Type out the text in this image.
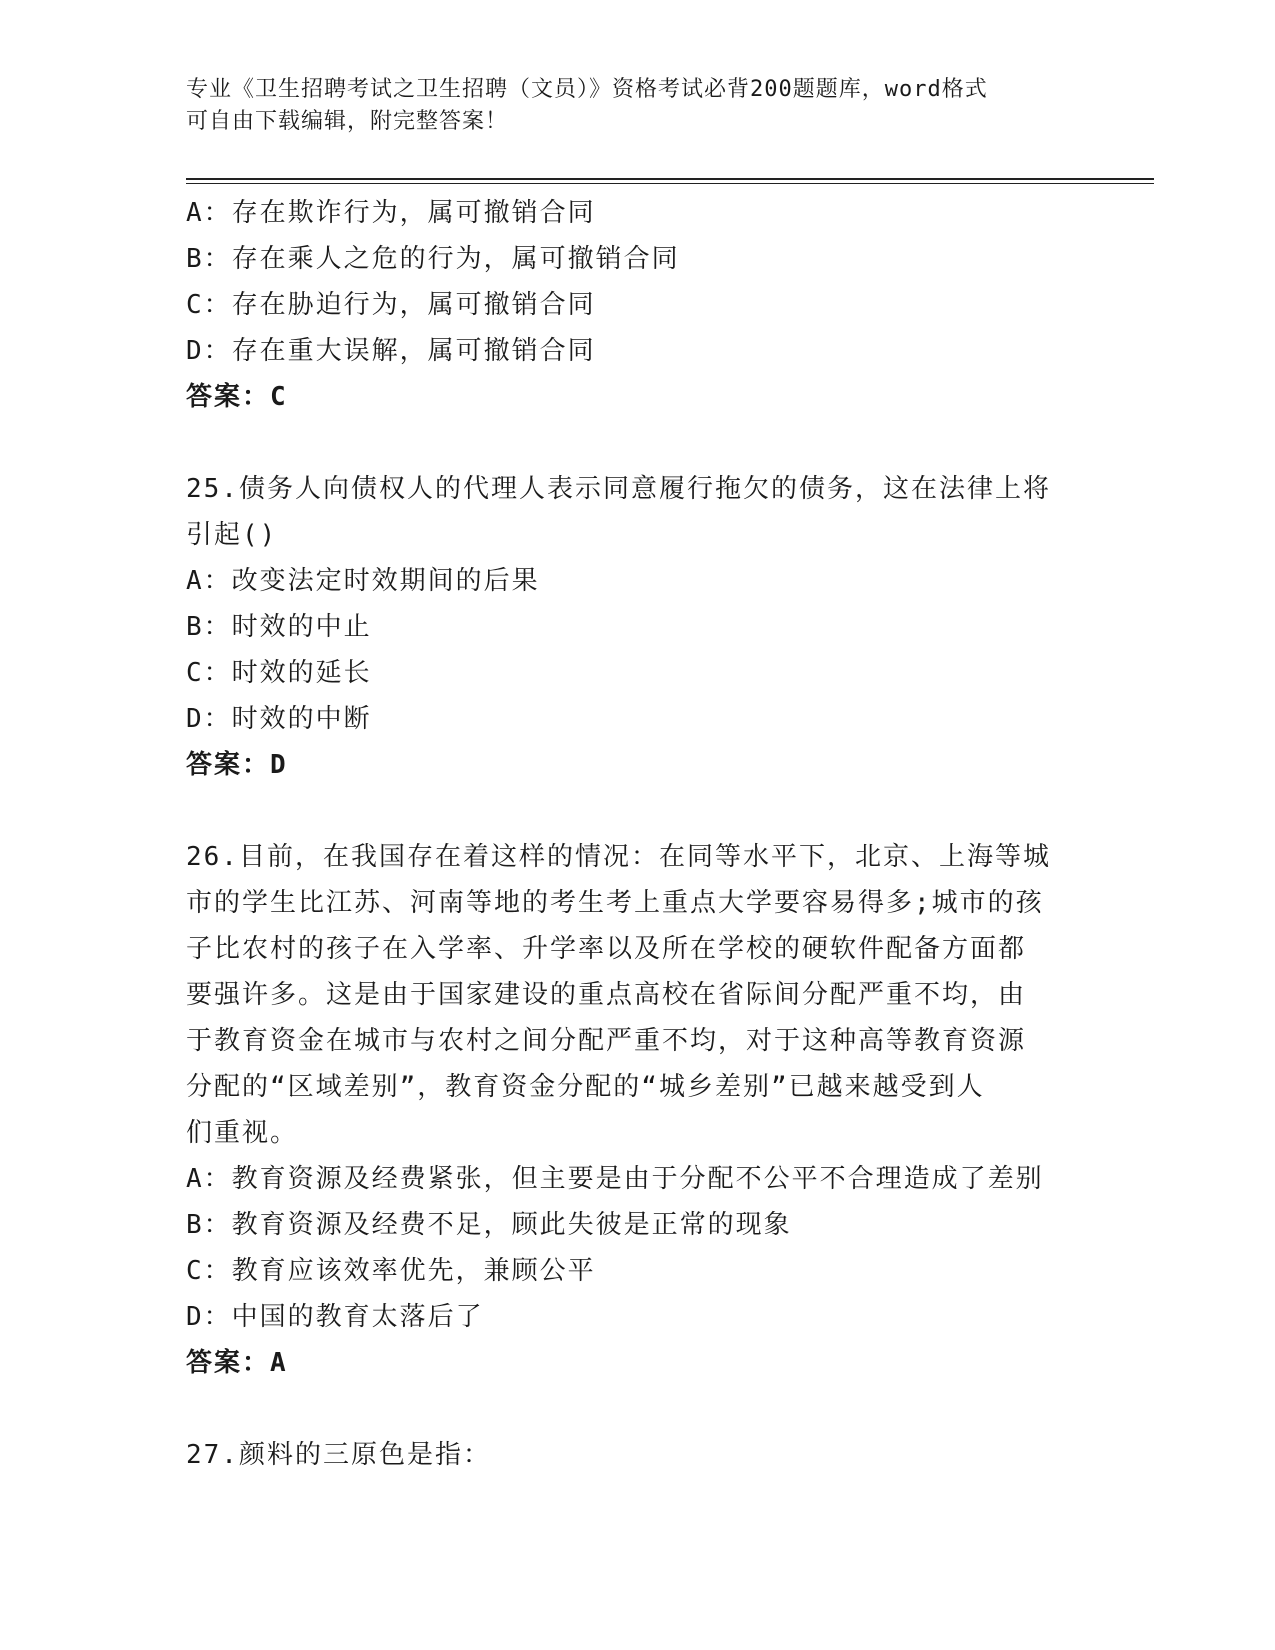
专业《卫生招聘考试之卫生招聘（文员）》资格考试必背200题题库，word格式
可自由下载编辑，附完整答案！
A：存在欺诈行为，属可撤销合同
B：存在乘人之危的行为，属可撤销合同
C：存在胁迫行为，属可撤销合同
D：存在重大误解，属可撤销合同
答案：C
25.债务人向债权人的代理人表示同意履行拖欠的债务，这在法律上将
引起()
A：改变法定时效期间的后果
B：时效的中止
C：时效的延长
D：时效的中断
答案：D
26.目前，在我国存在着这样的情况：在同等水平下，北京、上海等城
市的学生比江苏、河南等地的考生考上重点大学要容易得多;城市的孩
子比农村的孩子在入学率、升学率以及所在学校的硬软件配备方面都
要强许多。这是由于国家建设的重点高校在省际间分配严重不均，由
于教育资金在城市与农村之间分配严重不均，对于这种高等教育资源
分配的“区域差别”，教育资金分配的“城乡差别”已越来越受到人
们重视。
A：教育资源及经费紧张，但主要是由于分配不公平不合理造成了差别
B：教育资源及经费不足，顾此失彼是正常的现象
C：教育应该效率优先，兼顾公平
D：中国的教育太落后了
答案：A
27.颜料的三原色是指：
